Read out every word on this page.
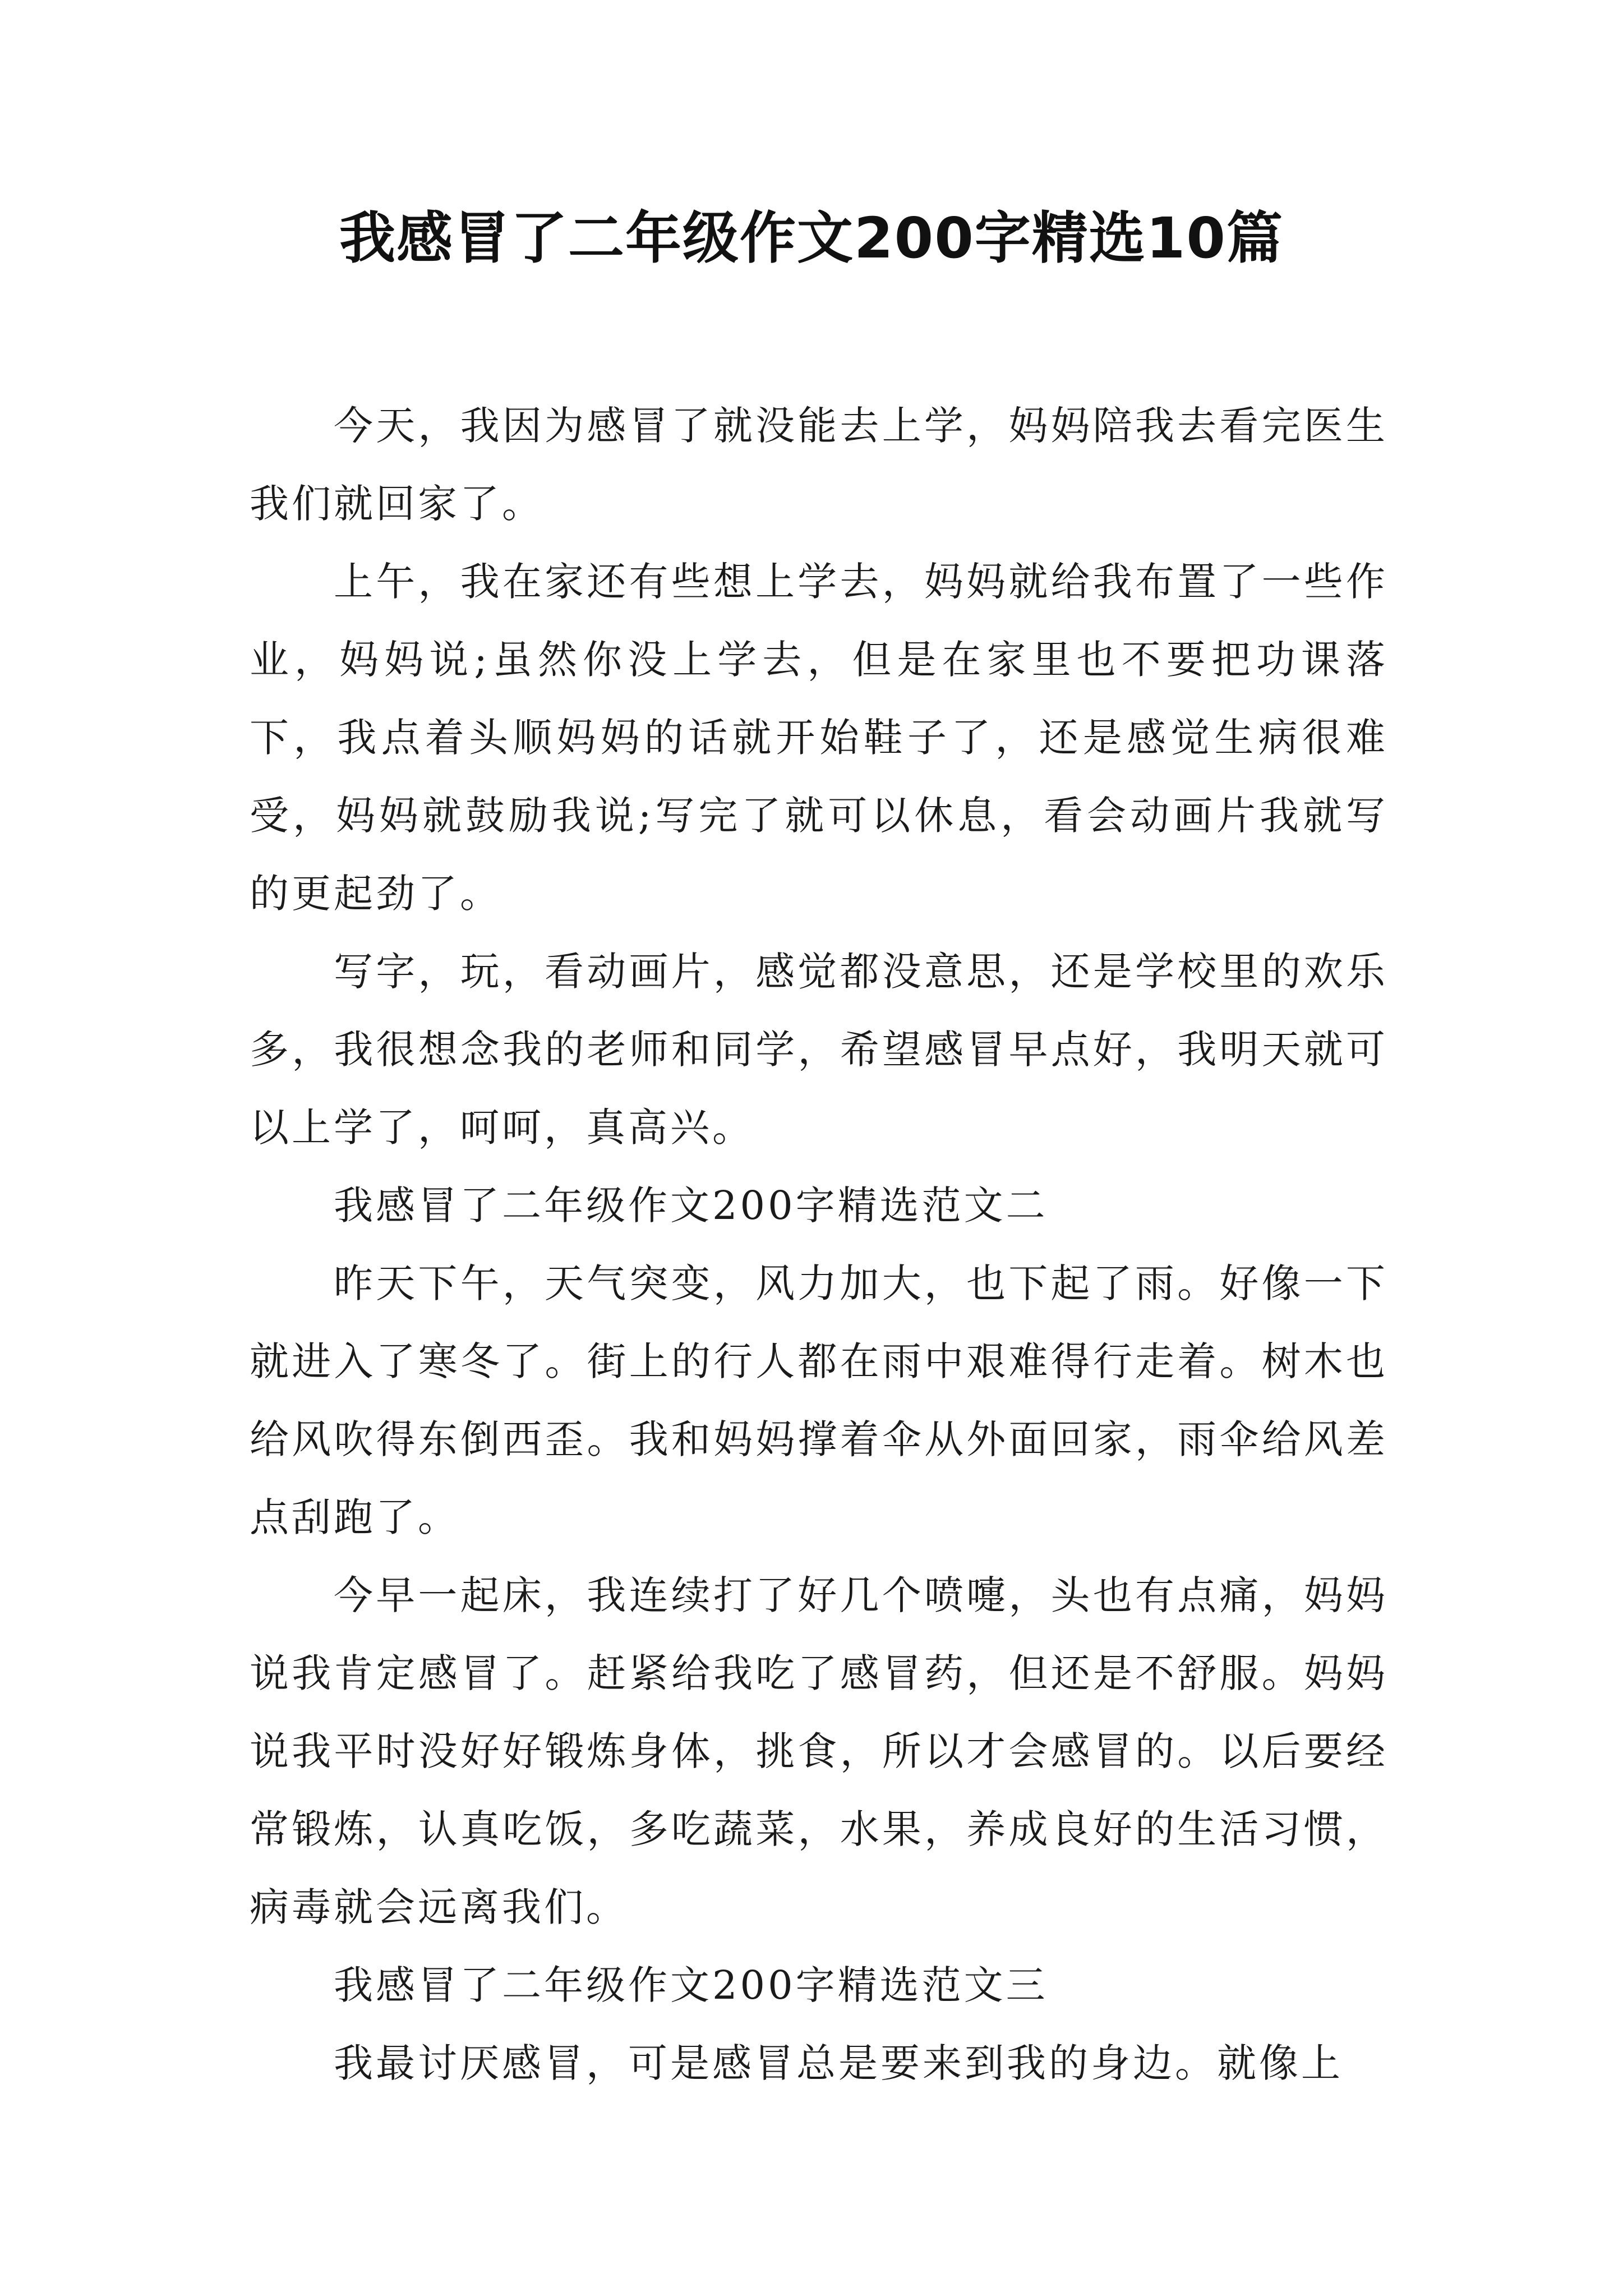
我感冒了二年级作文200字精选10篇

今天，我因为感冒了就没能去上学，妈妈陪我去看完医生我们就回家了。

上午，我在家还有些想上学去，妈妈就给我布置了一些作业，妈妈说;虽然你没上学去，但是在家里也不要把功课落下，我点着头顺妈妈的话就开始鞋子了，还是感觉生病很难受，妈妈就鼓励我说;写完了就可以休息，看会动画片我就写的更起劲了。

写字，玩，看动画片，感觉都没意思，还是学校里的欢乐多，我很想念我的老师和同学，希望感冒早点好，我明天就可以上学了，呵呵，真高兴。

我感冒了二年级作文200字精选范文二

昨天下午，天气突变，风力加大，也下起了雨。好像一下就进入了寒冬了。街上的行人都在雨中艰难得行走着。树木也给风吹得东倒西歪。我和妈妈撑着伞从外面回家，雨伞给风差点刮跑了。

今早一起床，我连续打了好几个喷嚏，头也有点痛，妈妈说我肯定感冒了。赶紧给我吃了感冒药，但还是不舒服。妈妈说我平时没好好锻炼身体，挑食，所以才会感冒的。以后要经常锻炼，认真吃饭，多吃蔬菜，水果，养成良好的生活习惯，病毒就会远离我们。

我感冒了二年级作文200字精选范文三

我最讨厌感冒，可是感冒总是要来到我的身边。就像上
